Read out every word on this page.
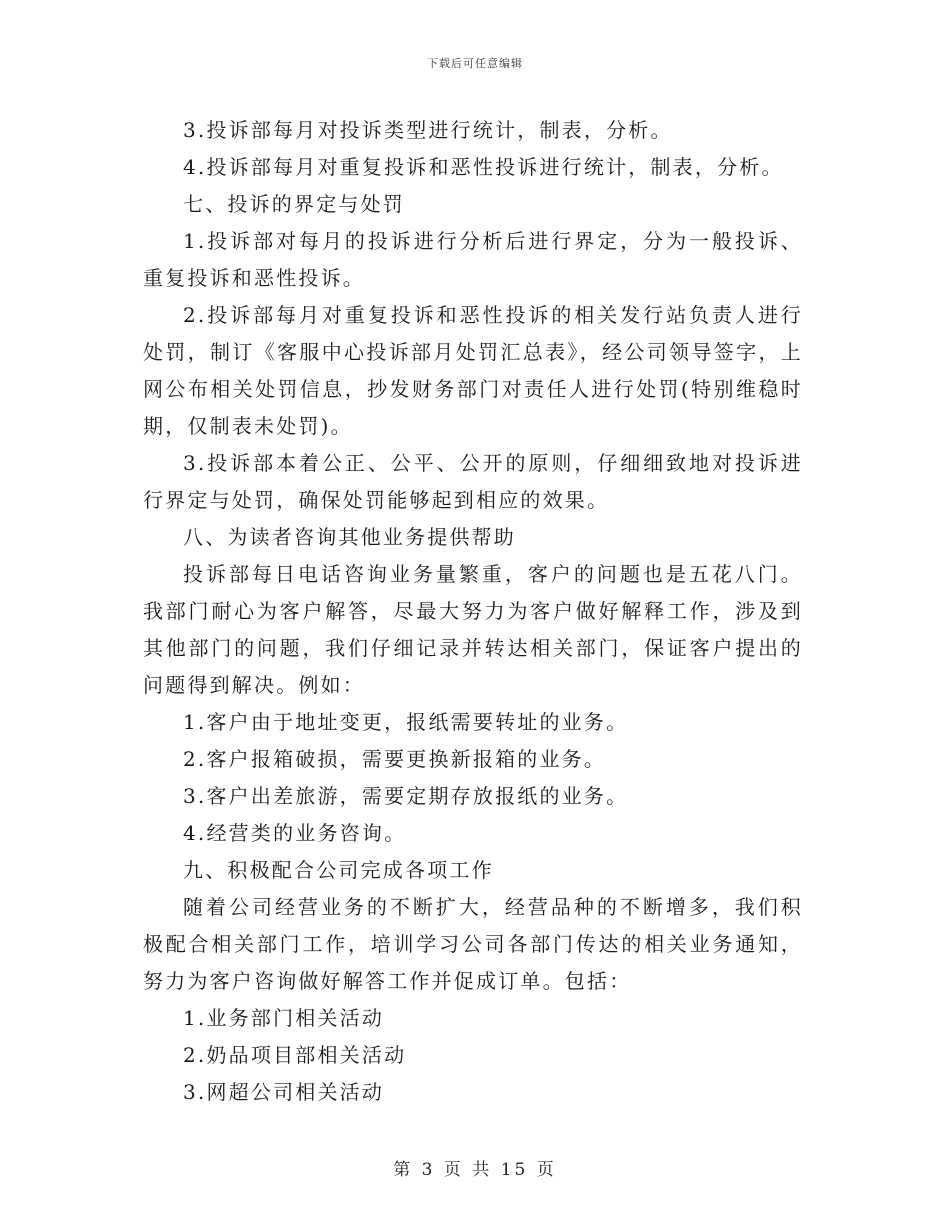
下载后可任意编辑

3.投诉部每月对投诉类型进行统计，制表，分析。

4.投诉部每月对重复投诉和恶性投诉进行统计，制表，分析。

七、投诉的界定与处罚

1.投诉部对每月的投诉进行分析后进行界定，分为一般投诉、重复投诉和恶性投诉。

2.投诉部每月对重复投诉和恶性投诉的相关发行站负责人进行处罚，制订《客服中心投诉部月处罚汇总表》，经公司领导签字，上网公布相关处罚信息，抄发财务部门对责任人进行处罚(特别维稳时期，仅制表未处罚)。

3.投诉部本着公正、公平、公开的原则，仔细细致地对投诉进行界定与处罚，确保处罚能够起到相应的效果。

八、为读者咨询其他业务提供帮助

投诉部每日电话咨询业务量繁重，客户的问题也是五花八门。我部门耐心为客户解答，尽最大努力为客户做好解释工作，涉及到其他部门的问题，我们仔细记录并转达相关部门，保证客户提出的问题得到解决。例如：

1.客户由于地址变更，报纸需要转址的业务。

2.客户报箱破损，需要更换新报箱的业务。

3.客户出差旅游，需要定期存放报纸的业务。

4.经营类的业务咨询。

九、积极配合公司完成各项工作

随着公司经营业务的不断扩大，经营品种的不断增多，我们积极配合相关部门工作，培训学习公司各部门传达的相关业务通知，努力为客户咨询做好解答工作并促成订单。包括：

1.业务部门相关活动

2.奶品项目部相关活动

3.网超公司相关活动

第 3 页 共 15 页
